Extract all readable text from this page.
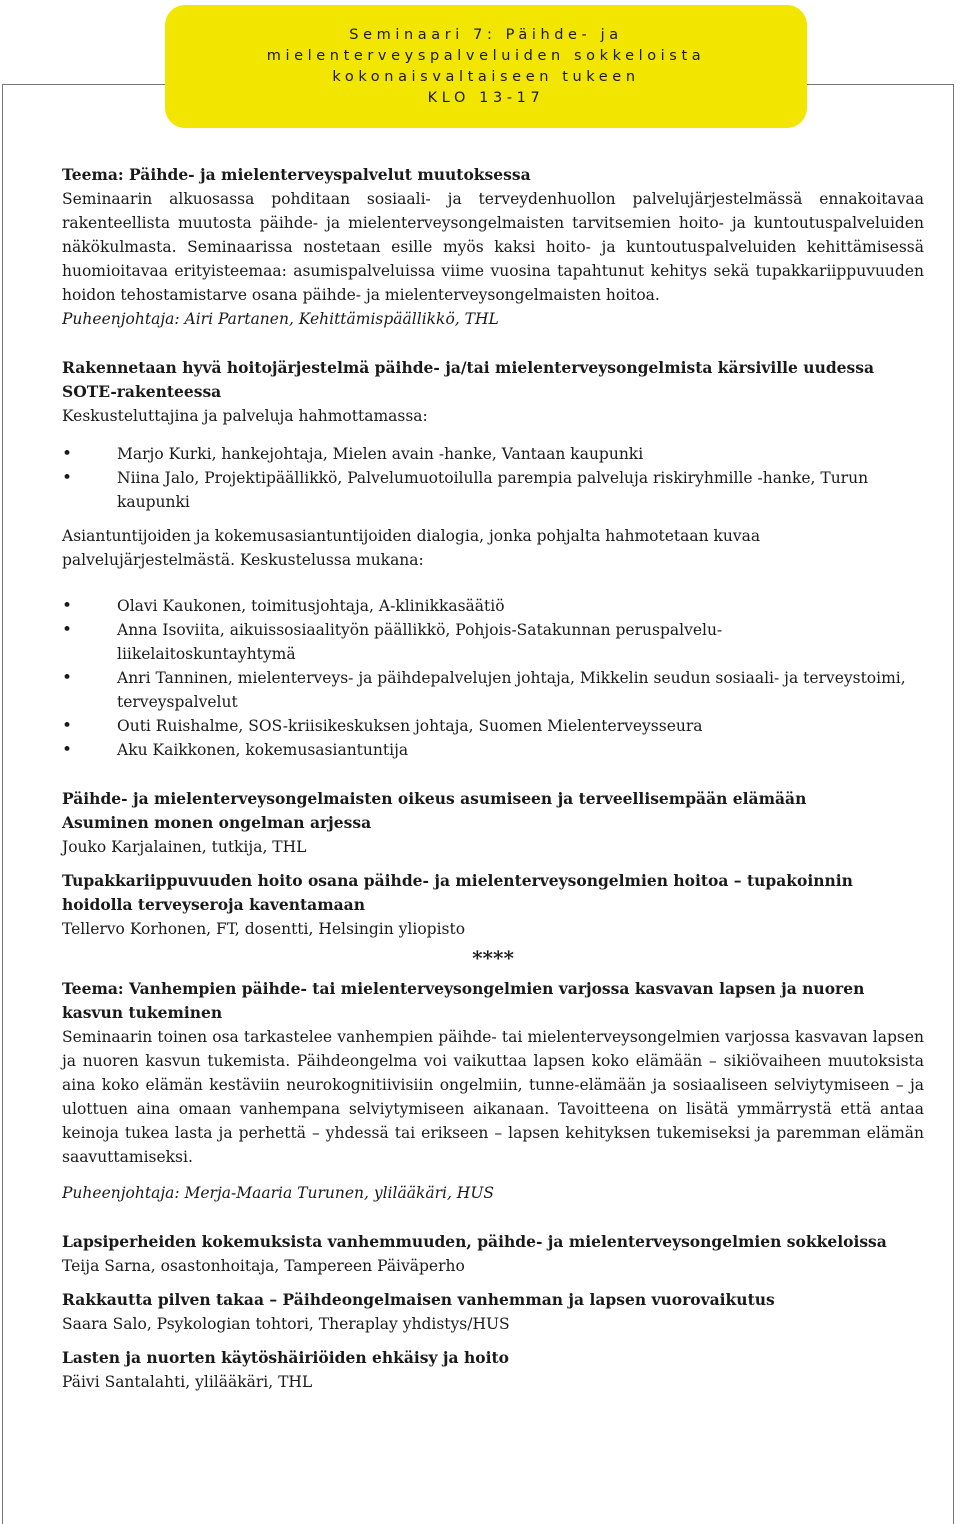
Seminaari 7: Päihde- ja
mielenterveyspalveluiden sokkeloista
kokonaisvaltaiseen tukeen
KLO 13-17

Teema: Päihde- ja mielenterveyspalvelut muutoksessa

Seminaarin alkuosassa pohditaan sosiaali- ja terveydenhuollon palvelujärjestelmässä ennakoitavaa rakenteellista muutosta päihde- ja mielenterveysongelmaisten tarvitsemien hoito- ja kuntoutuspalveluiden näkökulmasta. Seminaarissa nostetaan esille myös kaksi hoito- ja kuntoutuspalveluiden kehittämisessä huomioitavaa erityisteemaa: asumispalveluissa viime vuosina tapahtunut kehitys sekä tupakkariippuvuuden hoidon tehostamistarve osana päihde- ja mielenterveysongelmaisten hoitoa.

Puheenjohtaja: Airi Partanen, Kehittämispäällikkö, THL

Rakennetaan hyvä hoitojärjestelmä päihde- ja/tai mielenterveysongelmista kärsiville uudessa SOTE-rakenteessa

Keskusteluttajina ja palveluja hahmottamassa:

• Marjo Kurki, hankejohtaja, Mielen avain -hanke, Vantaan kaupunki
• Niina Jalo, Projektipäällikkö, Palvelumuotoilulla parempia palveluja riskiryhmille -hanke, Turun kaupunki

Asiantuntijoiden ja kokemusasiantuntijoiden dialogia, jonka pohjalta hahmotetaan kuvaa palvelujärjestelmästä. Keskustelussa mukana:

• Olavi Kaukonen, toimitusjohtaja, A-klinikkasäätiö
• Anna Isoviita, aikuissosiaalityön päällikkö, Pohjois-Satakunnan peruspalvelu-
liikelaitoskuntayhtymä
• Anri Tanninen, mielenterveys- ja päihdepalvelujen johtaja, Mikkelin seudun sosiaali- ja terveystoimi, terveyspalvelut
• Outi Ruishalme, SOS-kriisikeskuksen johtaja, Suomen Mielenterveysseura
• Aku Kaikkonen, kokemusasiantuntija

Päihde- ja mielenterveysongelmaisten oikeus asumiseen ja terveellisempään elämään
Asuminen monen ongelman arjessa

Jouko Karjalainen, tutkija, THL

Tupakkariippuvuuden hoito osana päihde- ja mielenterveysongelmien hoitoa – tupakoinnin hoidolla terveyseroja kaventamaan

Tellervo Korhonen, FT, dosentti, Helsingin yliopisto

****

Teema: Vanhempien päihde- tai mielenterveysongelmien varjossa kasvavan lapsen ja nuoren kasvun tukeminen

Seminaarin toinen osa tarkastelee vanhempien päihde- tai mielenterveysongelmien varjossa kasvavan lapsen ja nuoren kasvun tukemista. Päihdeongelma voi vaikuttaa lapsen koko elämään – sikiövaiheen muutoksista aina koko elämän kestäviin neurokognitiivisiin ongelmiin, tunne-elämään ja sosiaaliseen selviytymiseen – ja ulottuen aina omaan vanhempana selviytymiseen aikanaan. Tavoitteena on lisätä ymmärrystä että antaa keinoja tukea lasta ja perhettä – yhdessä tai erikseen – lapsen kehityksen tukemiseksi ja paremman elämän saavuttamiseksi.

Puheenjohtaja: Merja-Maaria Turunen, ylilääkäri, HUS

Lapsiperheiden kokemuksista vanhemmuuden, päihde- ja mielenterveysongelmien sokkeloissa

Teija Sarna, osastonhoitaja, Tampereen Päiväperho

Rakkautta pilven takaa – Päihdeongelmaisen vanhemman ja lapsen vuorovaikutus

Saara Salo, Psykologian tohtori, Theraplay yhdistys/HUS

Lasten ja nuorten käytöshäiriöiden ehkäisy ja hoito

Päivi Santalahti, ylilääkäri, THL
